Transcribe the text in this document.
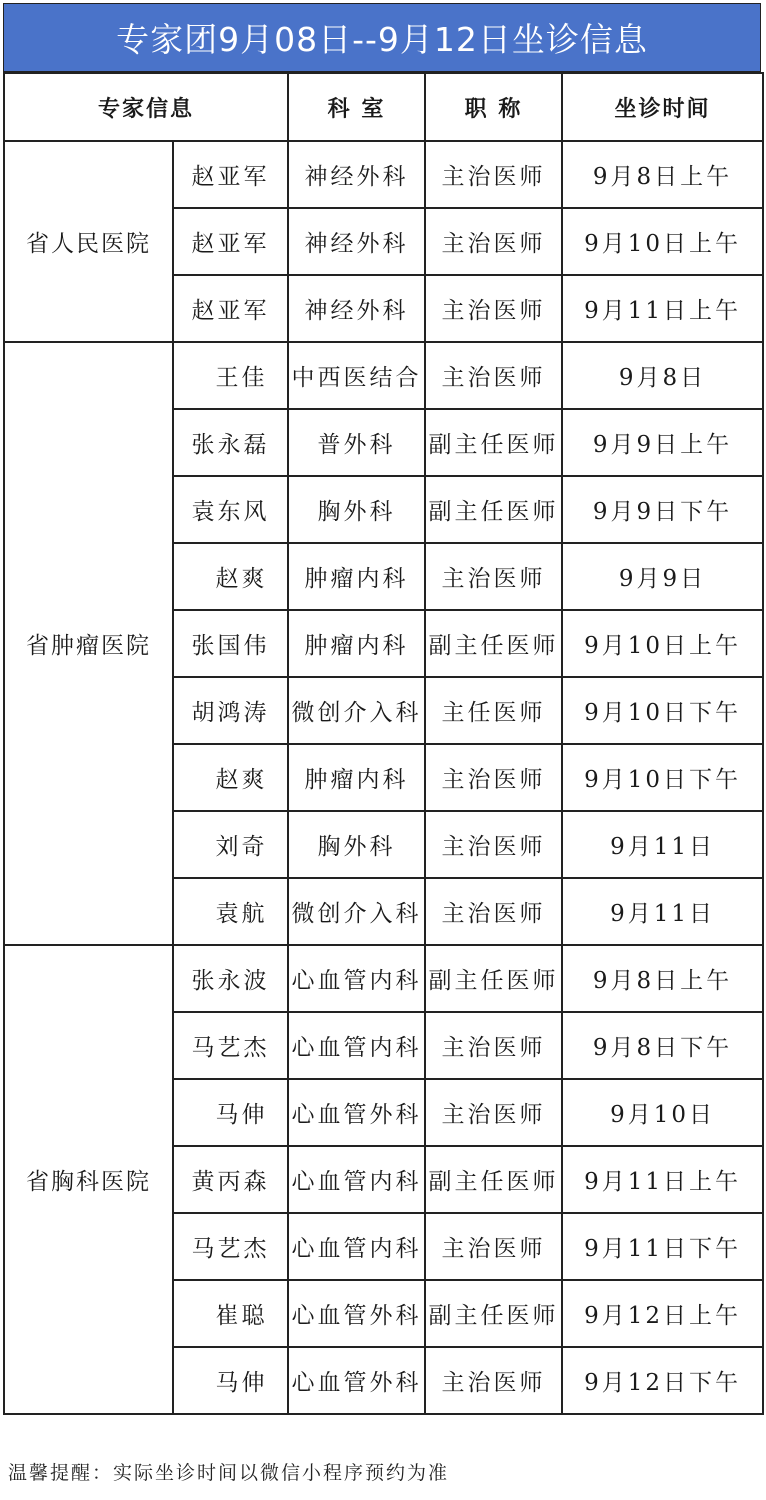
专家团9月08日--9月12日坐诊信息
专家信息		科 室	职 称	坐诊时间
省人民医院	赵亚军	神经外科	主治医师	9月8日上午
	赵亚军	神经外科	主治医师	9月10日上午
	赵亚军	神经外科	主治医师	9月11日上午
省肿瘤医院	王佳	中西医结合	主治医师	9月8日
	张永磊	普外科	副主任医师	9月9日上午
	袁东风	胸外科	副主任医师	9月9日下午
	赵爽	肿瘤内科	主治医师	9月9日
	张国伟	肿瘤内科	副主任医师	9月10日上午
	胡鸿涛	微创介入科	主任医师	9月10日下午
	赵爽	肿瘤内科	主治医师	9月10日下午
	刘奇	胸外科	主治医师	9月11日
	袁航	微创介入科	主治医师	9月11日
省胸科医院	张永波	心血管内科	副主任医师	9月8日上午
	马艺杰	心血管内科	主治医师	9月8日下午
	马伸	心血管外科	主治医师	9月10日
	黄丙森	心血管内科	副主任医师	9月11日上午
	马艺杰	心血管内科	主治医师	9月11日下午
	崔聪	心血管外科	副主任医师	9月12日上午
	马伸	心血管外科	主治医师	9月12日下午
温馨提醒：实际坐诊时间以微信小程序预约为准
